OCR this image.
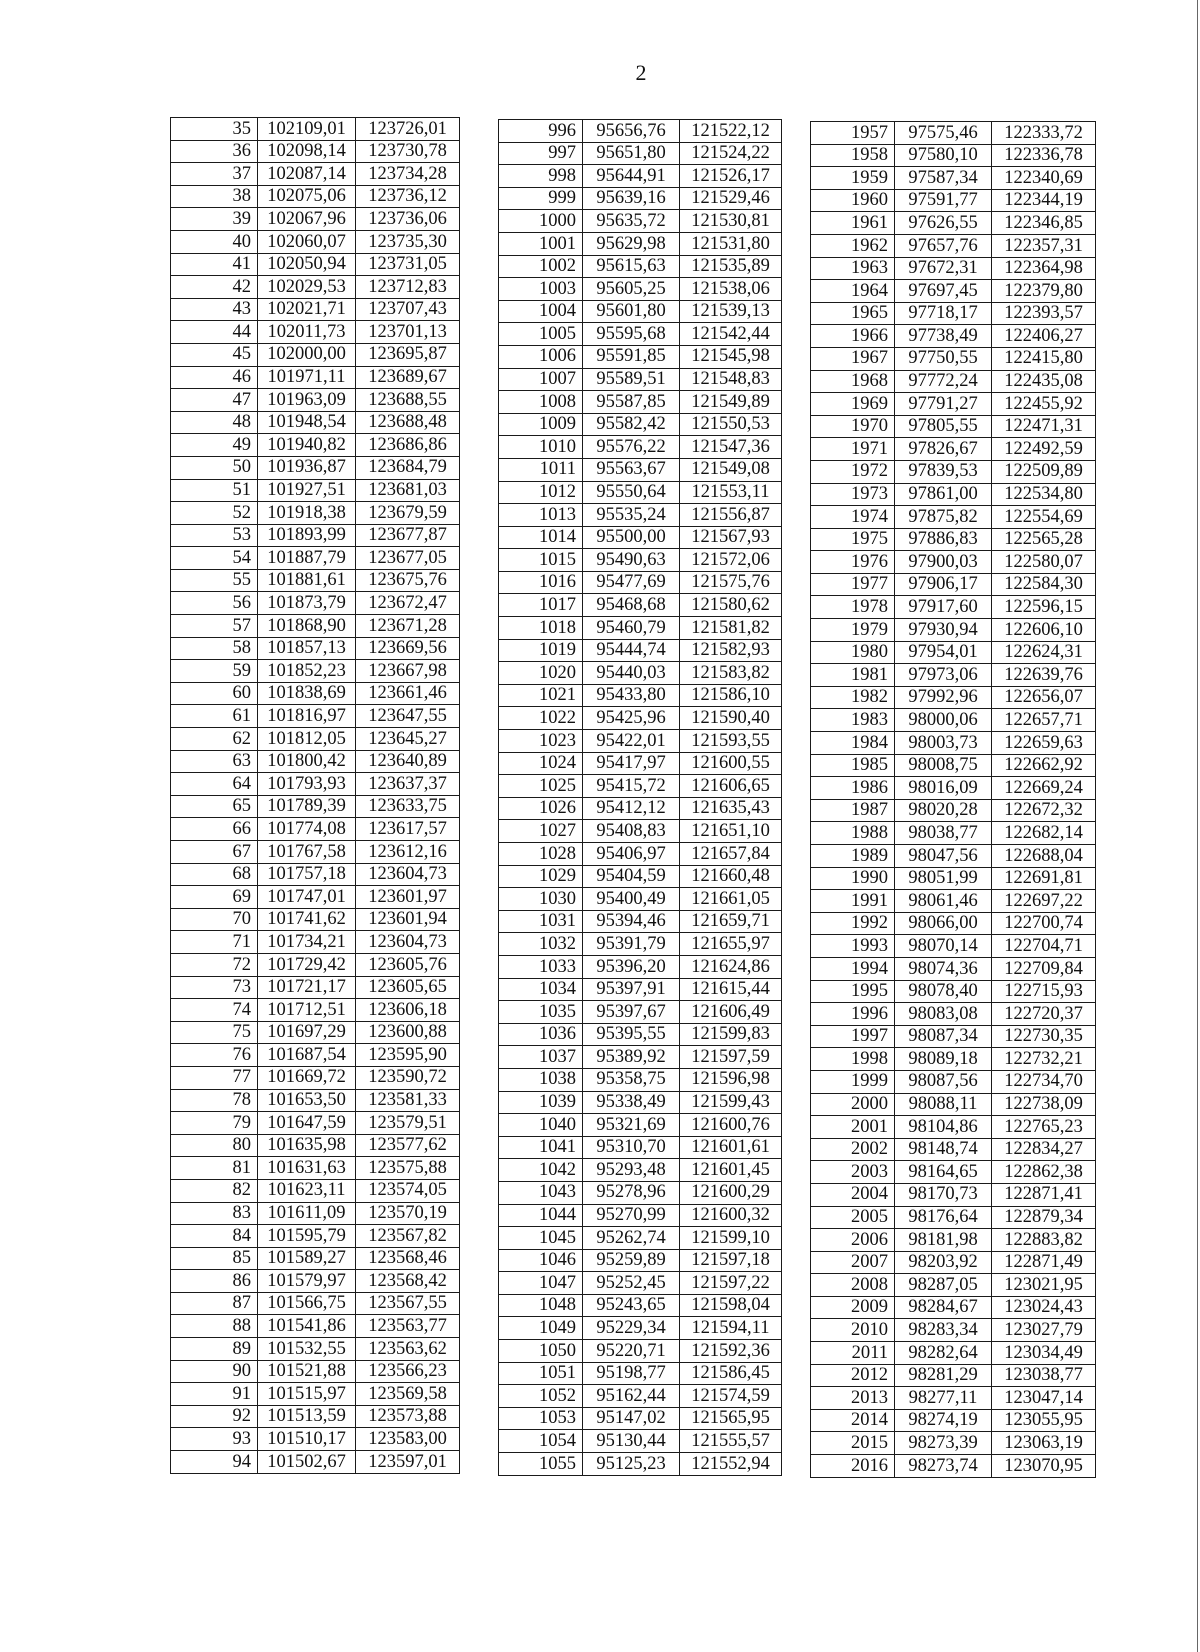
2
35	102109,01	123726,01
36	102098,14	123730,78
37	102087,14	123734,28
38	102075,06	123736,12
39	102067,96	123736,06
40	102060,07	123735,30
41	102050,94	123731,05
42	102029,53	123712,83
43	102021,71	123707,43
44	102011,73	123701,13
45	102000,00	123695,87
46	101971,11	123689,67
47	101963,09	123688,55
48	101948,54	123688,48
49	101940,82	123686,86
50	101936,87	123684,79
51	101927,51	123681,03
52	101918,38	123679,59
53	101893,99	123677,87
54	101887,79	123677,05
55	101881,61	123675,76
56	101873,79	123672,47
57	101868,90	123671,28
58	101857,13	123669,56
59	101852,23	123667,98
60	101838,69	123661,46
61	101816,97	123647,55
62	101812,05	123645,27
63	101800,42	123640,89
64	101793,93	123637,37
65	101789,39	123633,75
66	101774,08	123617,57
67	101767,58	123612,16
68	101757,18	123604,73
69	101747,01	123601,97
70	101741,62	123601,94
71	101734,21	123604,73
72	101729,42	123605,76
73	101721,17	123605,65
74	101712,51	123606,18
75	101697,29	123600,88
76	101687,54	123595,90
77	101669,72	123590,72
78	101653,50	123581,33
79	101647,59	123579,51
80	101635,98	123577,62
81	101631,63	123575,88
82	101623,11	123574,05
83	101611,09	123570,19
84	101595,79	123567,82
85	101589,27	123568,46
86	101579,97	123568,42
87	101566,75	123567,55
88	101541,86	123563,77
89	101532,55	123563,62
90	101521,88	123566,23
91	101515,97	123569,58
92	101513,59	123573,88
93	101510,17	123583,00
94	101502,67	123597,01
996	95656,76	121522,12
997	95651,80	121524,22
998	95644,91	121526,17
999	95639,16	121529,46
1000	95635,72	121530,81
1001	95629,98	121531,80
1002	95615,63	121535,89
1003	95605,25	121538,06
1004	95601,80	121539,13
1005	95595,68	121542,44
1006	95591,85	121545,98
1007	95589,51	121548,83
1008	95587,85	121549,89
1009	95582,42	121550,53
1010	95576,22	121547,36
1011	95563,67	121549,08
1012	95550,64	121553,11
1013	95535,24	121556,87
1014	95500,00	121567,93
1015	95490,63	121572,06
1016	95477,69	121575,76
1017	95468,68	121580,62
1018	95460,79	121581,82
1019	95444,74	121582,93
1020	95440,03	121583,82
1021	95433,80	121586,10
1022	95425,96	121590,40
1023	95422,01	121593,55
1024	95417,97	121600,55
1025	95415,72	121606,65
1026	95412,12	121635,43
1027	95408,83	121651,10
1028	95406,97	121657,84
1029	95404,59	121660,48
1030	95400,49	121661,05
1031	95394,46	121659,71
1032	95391,79	121655,97
1033	95396,20	121624,86
1034	95397,91	121615,44
1035	95397,67	121606,49
1036	95395,55	121599,83
1037	95389,92	121597,59
1038	95358,75	121596,98
1039	95338,49	121599,43
1040	95321,69	121600,76
1041	95310,70	121601,61
1042	95293,48	121601,45
1043	95278,96	121600,29
1044	95270,99	121600,32
1045	95262,74	121599,10
1046	95259,89	121597,18
1047	95252,45	121597,22
1048	95243,65	121598,04
1049	95229,34	121594,11
1050	95220,71	121592,36
1051	95198,77	121586,45
1052	95162,44	121574,59
1053	95147,02	121565,95
1054	95130,44	121555,57
1055	95125,23	121552,94
1957	97575,46	122333,72
1958	97580,10	122336,78
1959	97587,34	122340,69
1960	97591,77	122344,19
1961	97626,55	122346,85
1962	97657,76	122357,31
1963	97672,31	122364,98
1964	97697,45	122379,80
1965	97718,17	122393,57
1966	97738,49	122406,27
1967	97750,55	122415,80
1968	97772,24	122435,08
1969	97791,27	122455,92
1970	97805,55	122471,31
1971	97826,67	122492,59
1972	97839,53	122509,89
1973	97861,00	122534,80
1974	97875,82	122554,69
1975	97886,83	122565,28
1976	97900,03	122580,07
1977	97906,17	122584,30
1978	97917,60	122596,15
1979	97930,94	122606,10
1980	97954,01	122624,31
1981	97973,06	122639,76
1982	97992,96	122656,07
1983	98000,06	122657,71
1984	98003,73	122659,63
1985	98008,75	122662,92
1986	98016,09	122669,24
1987	98020,28	122672,32
1988	98038,77	122682,14
1989	98047,56	122688,04
1990	98051,99	122691,81
1991	98061,46	122697,22
1992	98066,00	122700,74
1993	98070,14	122704,71
1994	98074,36	122709,84
1995	98078,40	122715,93
1996	98083,08	122720,37
1997	98087,34	122730,35
1998	98089,18	122732,21
1999	98087,56	122734,70
2000	98088,11	122738,09
2001	98104,86	122765,23
2002	98148,74	122834,27
2003	98164,65	122862,38
2004	98170,73	122871,41
2005	98176,64	122879,34
2006	98181,98	122883,82
2007	98203,92	122871,49
2008	98287,05	123021,95
2009	98284,67	123024,43
2010	98283,34	123027,79
2011	98282,64	123034,49
2012	98281,29	123038,77
2013	98277,11	123047,14
2014	98274,19	123055,95
2015	98273,39	123063,19
2016	98273,74	123070,95
